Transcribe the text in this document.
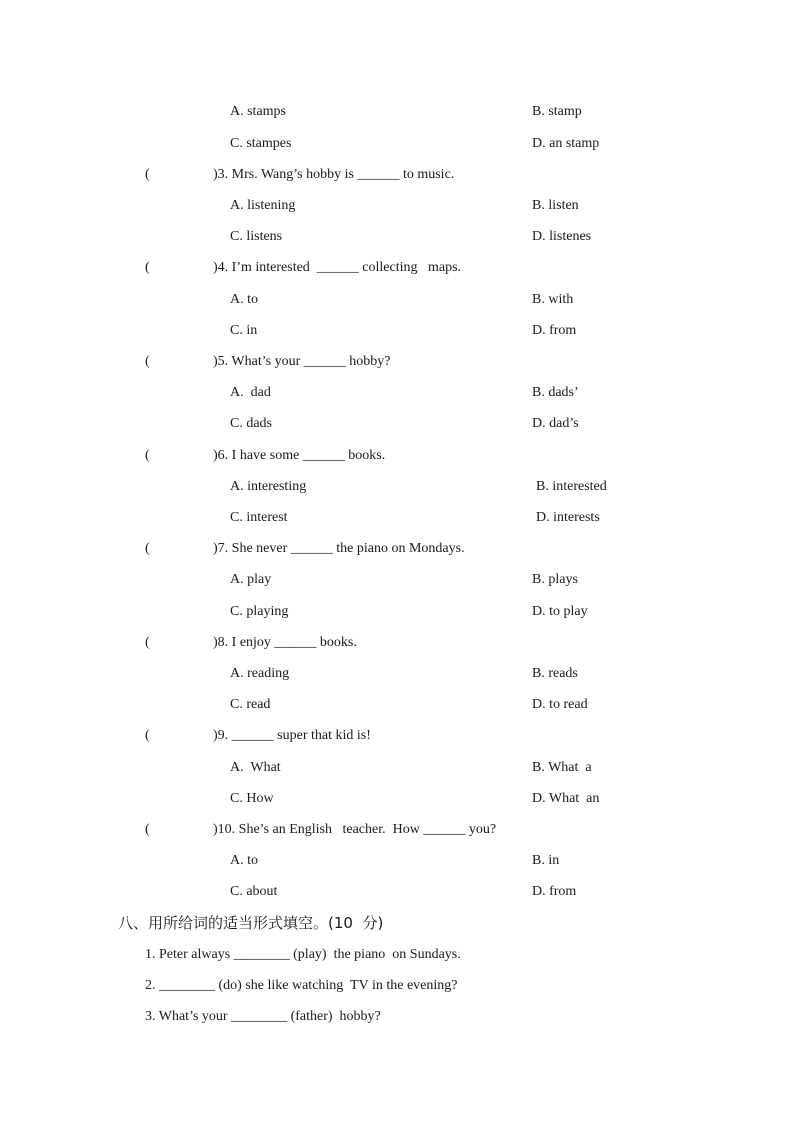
A. stamps	B. stamp
C. stampes	D. an stamp
(	)3. Mrs. Wang’s hobby is ______ to music.
A. listening	B. listen
C. listens	D. listenes
(	)4. I’m interested  ______ collecting   maps.
A. to	B. with
C. in	D. from
(	)5. What’s your ______ hobby?
A.  dad	B. dads’
C. dads	D. dad’s
(	)6. I have some ______ books.
A. interesting	B. interested
C. interest	D. interests
(	)7. She never ______ the piano on Mondays.
A. play	B. plays
C. playing	D. to play
(	)8. I enjoy ______ books.
A. reading	B. reads
C. read	D. to read
(	)9. ______ super that kid is!
A.  What	B. What  a
C. How	D. What  an
(	)10. She’s an English   teacher.  How ______ you?
A. to	B. in
C. about	D. from
八、用所给词的适当形式填空。(10  分)
1. Peter always ________ (play)  the piano  on Sundays.
2. ________ (do) she like watching  TV in the evening?
3. What’s your ________ (father)  hobby?
